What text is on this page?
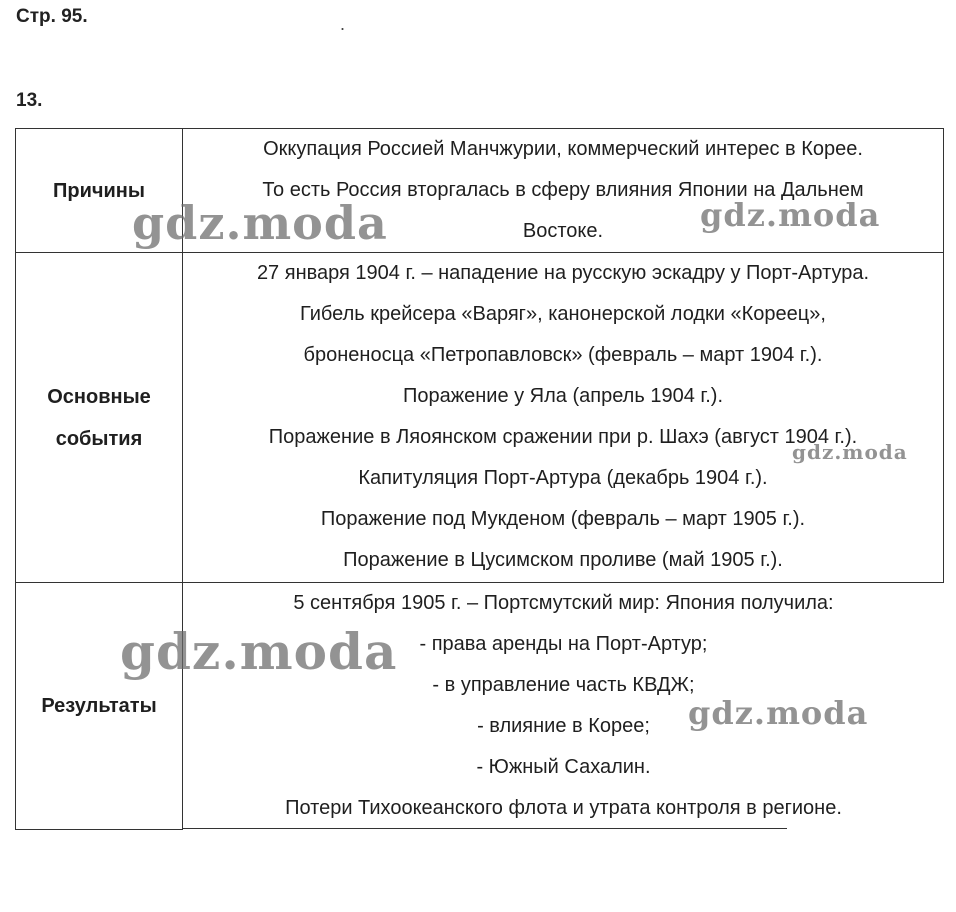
Стр. 95.	.
13.
Причины
Оккупация Россией Манчжурии, коммерческий интерес в Корее.
То есть Россия вторгалась в сферу влияния Японии на Дальнем
Востоке.
Основные
события
27 января 1904 г. – нападение на русскую эскадру у Порт-Артура.
Гибель крейсера «Варяг», канонерской лодки «Кореец»,
броненосца «Петропавловск» (февраль – март 1904 г.).
Поражение у Яла (апрель 1904 г.).
Поражение в Ляоянском сражении при р. Шахэ (август 1904 г.).
Капитуляция Порт-Артура (декабрь 1904 г.).
Поражение под Мукденом (февраль – март 1905 г.).
Поражение в Цусимском проливе (май 1905 г.).
Результаты
5 сентября 1905 г. – Портсмутский мир: Япония получила:
- права аренды на Порт-Артур;
- в управление часть КВДЖ;
- влияние в Корее;
- Южный Сахалин.
Потери Тихоокеанского флота и утрата контроля в регионе.
gdz.moda	gdz.moda
gdz.moda
gdz.moda
gdz.moda
